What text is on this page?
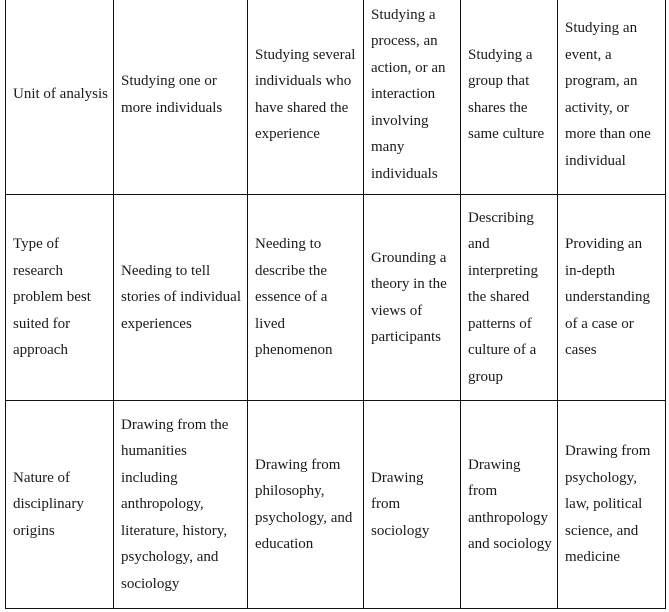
Unit of analysis	Studying one or more individuals	Studying several individuals who have shared the experience	Studying a process, an action, or an interaction involving many individuals	Studying a group that shares the same culture	Studying an event, a program, an activity, or more than one individual

Type of research problem best suited for approach	Needing to tell stories of individual experiences	Needing to describe the essence of a lived phenomenon	Grounding a theory in the views of participants	Describing and interpreting the shared patterns of culture of a group	Providing an in-depth understanding of a case or cases

Nature of disciplinary origins	Drawing from the humanities including anthropology, literature, history, psychology, and sociology	Drawing from philosophy, psychology, and education	Drawing from sociology	Drawing from anthropology and sociology	Drawing from psychology, law, political science, and medicine
